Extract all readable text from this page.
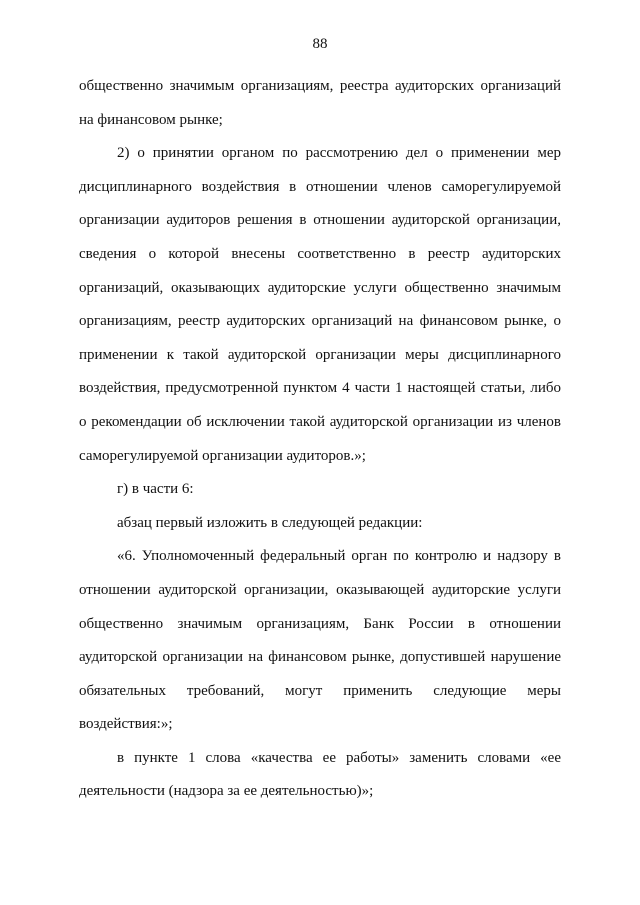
88

общественно значимым организациям, реестра аудиторских организаций на финансовом рынке;

2) о принятии органом по рассмотрению дел о применении мер дисциплинарного воздействия в отношении членов саморегулируемой организации аудиторов решения в отношении аудиторской организации, сведения о которой внесены соответственно в реестр аудиторских организаций, оказывающих аудиторские услуги общественно значимым организациям, реестр аудиторских организаций на финансовом рынке, о применении к такой аудиторской организации меры дисциплинарного воздействия, предусмотренной пунктом 4 части 1 настоящей статьи, либо о рекомендации об исключении такой аудиторской организации из членов саморегулируемой организации аудиторов.»;

г) в части 6:

абзац первый изложить в следующей редакции:

«6. Уполномоченный федеральный орган по контролю и надзору в отношении аудиторской организации, оказывающей аудиторские услуги общественно значимым организациям, Банк России в отношении аудиторской организации на финансовом рынке, допустившей нарушение обязательных требований, могут применить следующие меры воздействия:»;

в пункте 1 слова «качества ее работы» заменить словами «ее деятельности (надзора за ее деятельностью)»;
